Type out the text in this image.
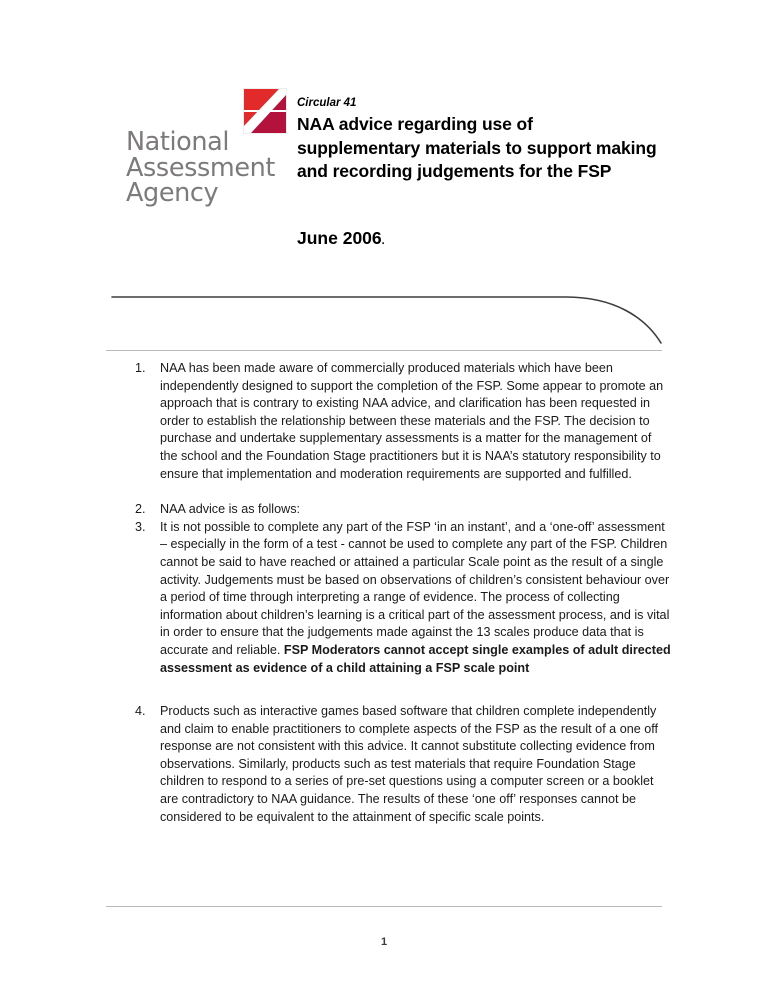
National
Assessment
Agency
Circular 41
NAA advice regarding use of supplementary materials to support making and recording judgements for the FSP
June 2006.
1.	NAA has been made aware of commercially produced materials which have been independently designed to support the completion of the FSP. Some appear to promote an approach that is contrary to existing NAA advice, and clarification has been requested in order to establish the relationship between these materials and the FSP. The decision to purchase and undertake supplementary assessments is a matter for the management of the school and the Foundation Stage practitioners but it is NAA’s statutory responsibility to ensure that implementation and moderation requirements are supported and fulfilled.
2.	NAA advice is as follows:
3.	It is not possible to complete any part of the FSP ‘in an instant’, and a ‘one-off’ assessment – especially in the form of a test - cannot be used to complete any part of the FSP. Children cannot be said to have reached or attained a particular Scale point as the result of a single activity. Judgements must be based on observations of children’s consistent behaviour over a period of time through interpreting a range of evidence. The process of collecting information about children’s learning is a critical part of the assessment process, and is vital in order to ensure that the judgements made against the 13 scales produce data that is accurate and reliable. FSP Moderators cannot accept single examples of adult directed assessment as evidence of a child attaining a FSP scale point
4.	Products such as interactive games based software that children complete independently and claim to enable practitioners to complete aspects of the FSP as the result of a one off response are not consistent with this advice. It cannot substitute collecting evidence from observations. Similarly, products such as test materials that require Foundation Stage children to respond to a series of pre-set questions using a computer screen or a booklet are contradictory to NAA guidance. The results of these ‘one off’ responses cannot be considered to be equivalent to the attainment of specific scale points.
1
